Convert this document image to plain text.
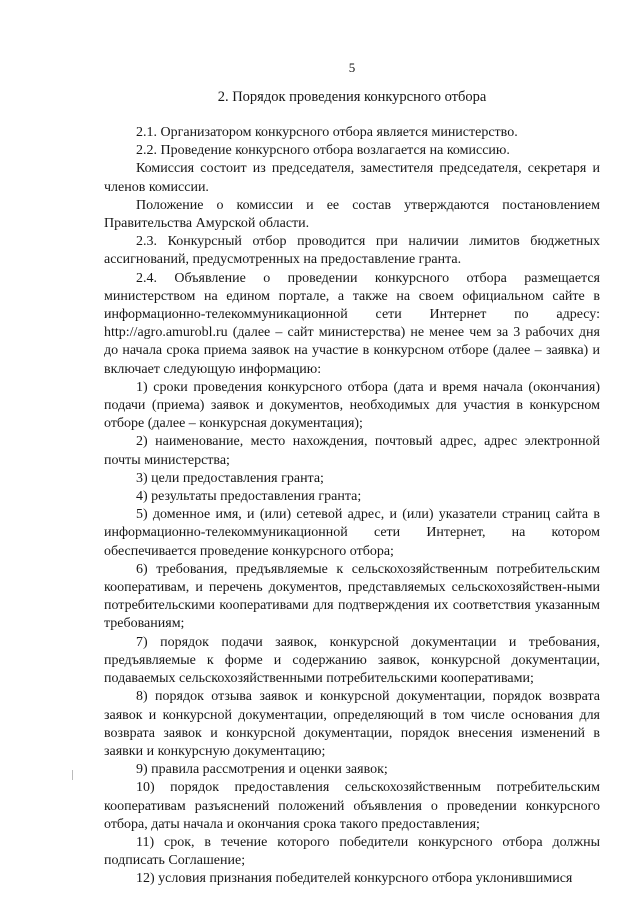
5
2. Порядок проведения конкурсного отбора

2.1. Организатором конкурсного отбора является министерство.

2.2. Проведение конкурсного отбора возлагается на комиссию.

Комиссия состоит из председателя, заместителя председателя, секретаря и членов комиссии.

Положение о комиссии и ее состав утверждаются постановлением Правительства Амурской области.

2.3. Конкурсный отбор проводится при наличии лимитов бюджетных ассигнований, предусмотренных на предоставление гранта.

2.4. Объявление о проведении конкурсного отбора размещается министерством на едином портале, а также на своем официальном сайте в информационно-телекоммуникационной сети Интернет по адресу: http://agro.amurobl.ru (далее – сайт министерства) не менее чем за 3 рабочих дня до начала срока приема заявок на участие в конкурсном отборе (далее – заявка) и включает следующую информацию:

1) сроки проведения конкурсного отбора (дата и время начала (окончания) подачи (приема) заявок и документов, необходимых для участия в конкурсном отборе (далее – конкурсная документация);

2) наименование, место нахождения, почтовый адрес, адрес электронной почты министерства;

3) цели предоставления гранта;

4) результаты предоставления гранта;

5) доменное имя, и (или) сетевой адрес, и (или) указатели страниц сайта в информационно-телекоммуникационной сети Интернет, на котором обеспечивается проведение конкурсного отбора;

6) требования, предъявляемые к сельскохозяйственным потребительским кооперативам, и перечень документов, представляемых сельскохозяйствен-ными потребительскими кооперативами для подтверждения их соответствия указанным требованиям;

7) порядок подачи заявок, конкурсной документации и требования, предъявляемые к форме и содержанию заявок, конкурсной документации, подаваемых сельскохозяйственными потребительскими кооперативами;

8) порядок отзыва заявок и конкурсной документации, порядок возврата заявок и конкурсной документации, определяющий в том числе основания для возврата заявок и конкурсной документации, порядок внесения изменений в заявки и конкурсную документацию;

9) правила рассмотрения и оценки заявок;

10) порядок предоставления сельскохозяйственным потребительским кооперативам разъяснений положений объявления о проведении конкурсного отбора, даты начала и окончания срока такого предоставления;

11) срок, в течение которого победители конкурсного отбора должны подписать Соглашение;

12) условия признания победителей конкурсного отбора уклонившимися
